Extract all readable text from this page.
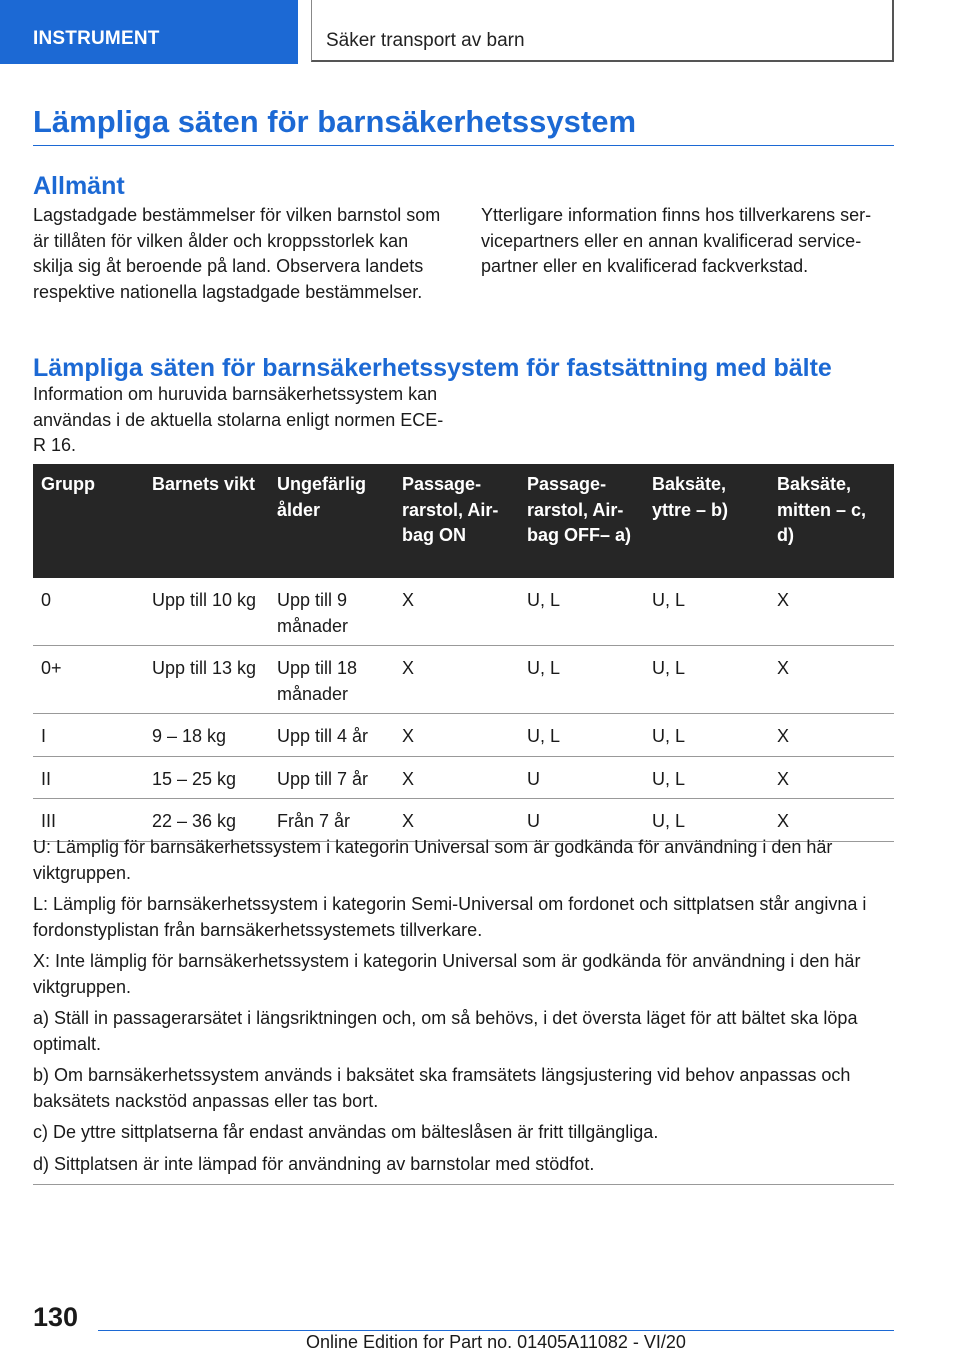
INSTRUMENT	Säker transport av barn
Lämpliga säten för barnsäkerhetssystem
Allmänt
Lagstadgade bestämmelser för vilken barnstol som är tillåten för vilken ålder och kroppsstorlek kan skilja sig åt beroende på land. Observera landets respektive nationella lagstadgade bestämmelser.
Ytterligare information finns hos tillverkarens servicepartners eller en annan kvalificerad servicepartner eller en kvalificerad fackverkstad.
Lämpliga säten för barnsäkerhetssystem för fastsättning med bälte
Information om huruvida barnsäkerhetssystem kan användas i de aktuella stolarna enligt normen ECE-R 16.
Grupp	Barnets vikt	Ungefärlig ålder	Passagerarstol, Airbag ON	Passagerarstol, Airbag OFF– a)	Baksäte, yttre – b)	Baksäte, mitten – c, d)
0	Upp till 10 kg	Upp till 9 månader	X	U, L	U, L	X
0+	Upp till 13 kg	Upp till 18 månader	X	U, L	U, L	X
I	9 – 18 kg	Upp till 4 år	X	U, L	U, L	X
II	15 – 25 kg	Upp till 7 år	X	U	U, L	X
III	22 – 36 kg	Från 7 år	X	U	U, L	X

U: Lämplig för barnsäkerhetssystem i kategorin Universal som är godkända för användning i den här viktgruppen.

L: Lämplig för barnsäkerhetssystem i kategorin Semi-Universal om fordonet och sittplatsen står angivna i fordonstyplistan från barnsäkerhetssystemets tillverkare.

X: Inte lämplig för barnsäkerhetssystem i kategorin Universal som är godkända för användning i den här viktgruppen.

a) Ställ in passagerarsätet i längsriktningen och, om så behövs, i det översta läget för att bältet ska löpa optimalt.

b) Om barnsäkerhetssystem används i baksätet ska framsätets längsjustering vid behov anpassas och baksätets nackstöd anpassas eller tas bort.

c) De yttre sittplatserna får endast användas om bälteslåsen är fritt tillgängliga.

d) Sittplatsen är inte lämpad för användning av barnstolar med stödfot.

130
Online Edition for Part no. 01405A11082 - VI/20
